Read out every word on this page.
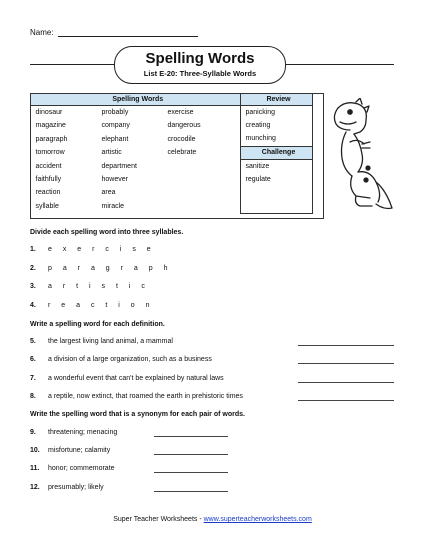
Name:
Spelling Words
List E-20: Three-Syllable Words
Spelling Words			Review
dinosaur	probably	exercise	panicking
magazine	company	dangerous	creating
paragraph	elephant	crocodile	munching
tomorrow	artistic	celebrate	Challenge
accident	department		sanitize
faithfully	however		regulate
reaction	area		
syllable	miracle		
Divide each spelling word into three syllables.
1.	e x e r c i s e
2.	p a r a g r a p h
3.	a r t i s t i c
4.	r e a c t i o n
Write a spelling word for each definition.
5.	the largest living land animal, a mammal
6.	a division of a large organization, such as a business
7.	a wonderful event that can't be explained by natural laws
8.	a reptile, now extinct, that roamed the earth in prehistoric times
Write the spelling word that is a synonym for each pair of words.
9.	threatening; menacing
10.	misfortune; calamity
11.	honor; commemorate
12.	presumably; likely
Super Teacher Worksheets - www.superteacherworksheets.com
